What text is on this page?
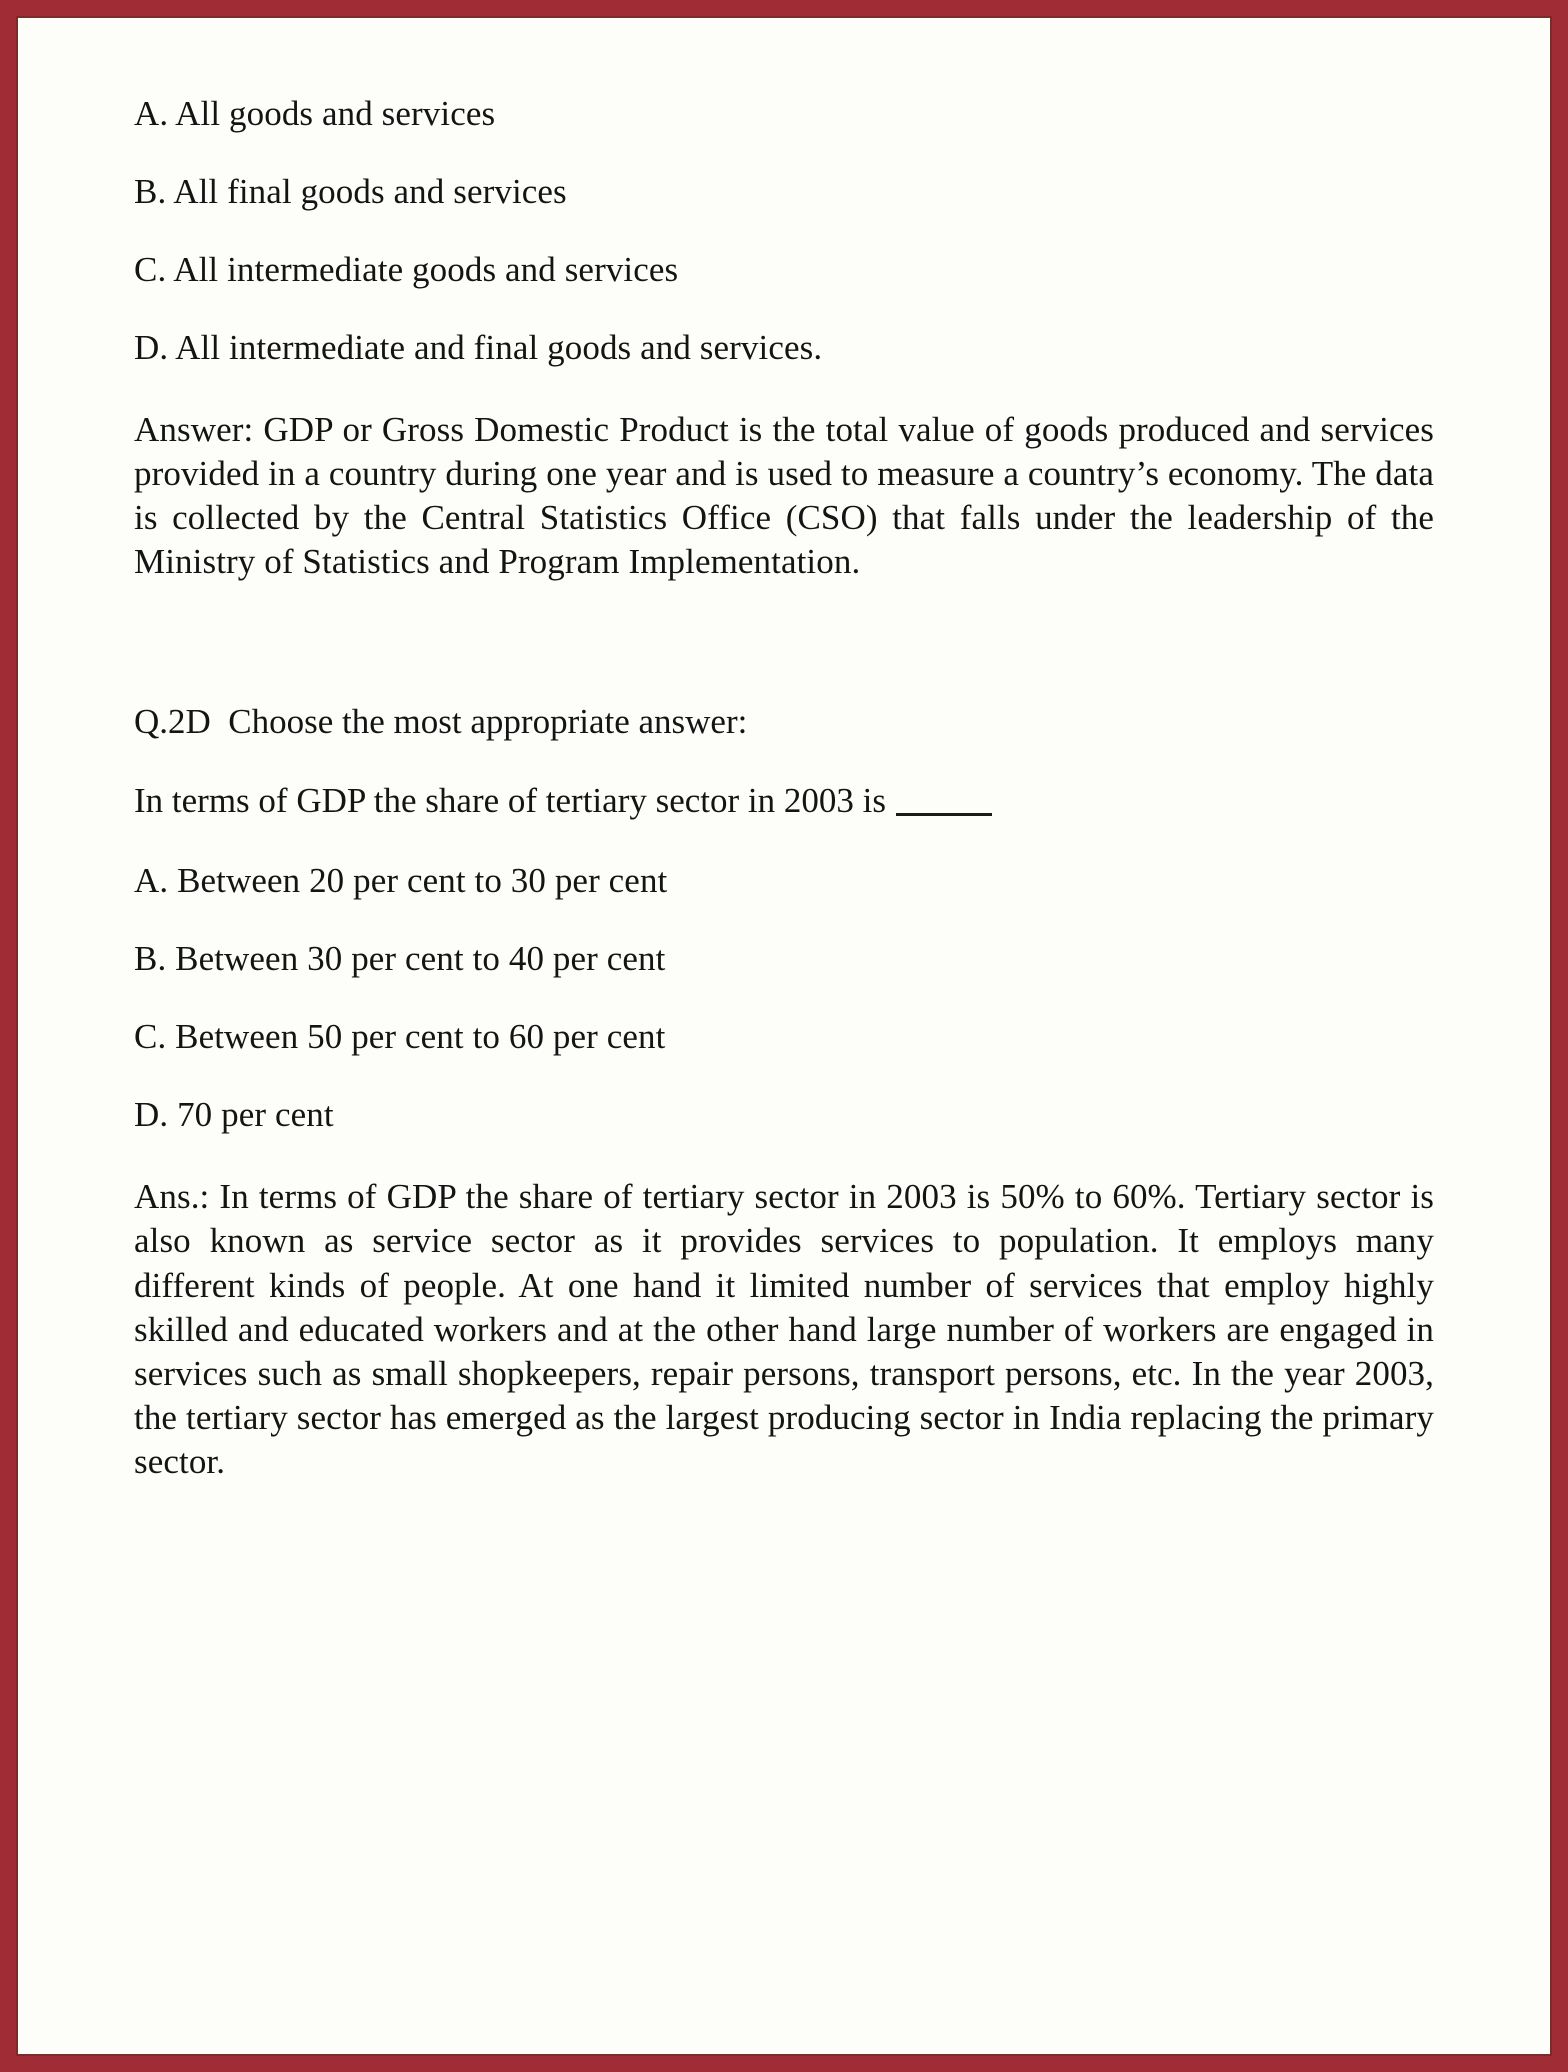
A. All goods and services

B. All final goods and services

C. All intermediate goods and services

D. All intermediate and final goods and services.

Answer: GDP or Gross Domestic Product is the total value of goods produced and services provided in a country during one year and is used to measure a country’s economy. The data is collected by the Central Statistics Office (CSO) that falls under the leadership of the Ministry of Statistics and Program Implementation.

Q.2D  Choose the most appropriate answer:

In terms of GDP the share of tertiary sector in 2003 is

A. Between 20 per cent to 30 per cent

B. Between 30 per cent to 40 per cent

C. Between 50 per cent to 60 per cent

D. 70 per cent

Ans.: In terms of GDP the share of tertiary sector in 2003 is 50% to 60%. Tertiary sector is also known as service sector as it provides services to population. It employs many different kinds of people. At one hand it limited number of services that employ highly skilled and educated workers and at the other hand large number of workers are engaged in services such as small shopkeepers, repair persons, transport persons, etc. In the year 2003, the tertiary sector has emerged as the largest producing sector in India replacing the primary sector.
